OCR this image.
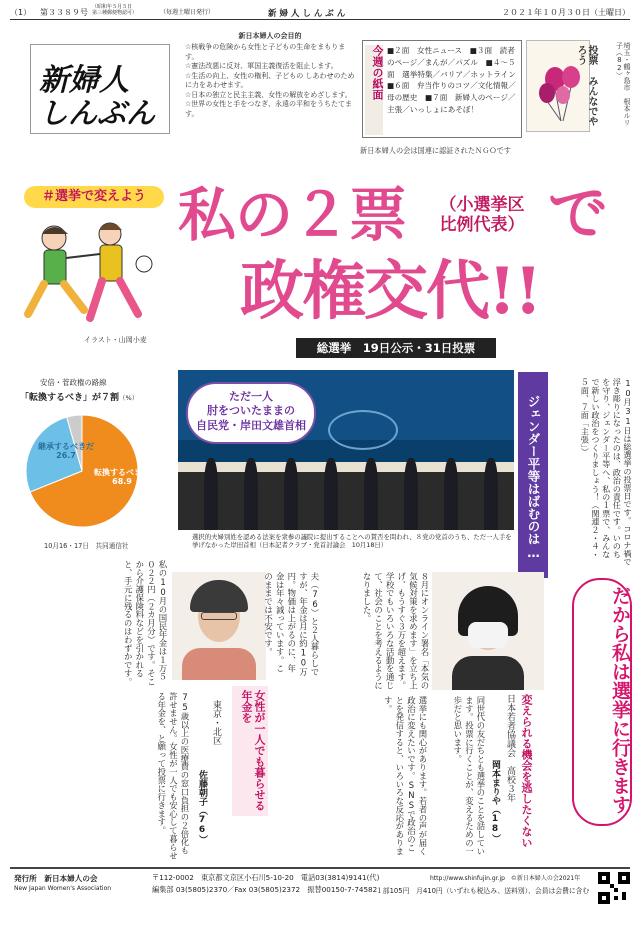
（1） 第３３８９号
（昭和年５月５日
第三種郵便物認可）	（毎週土曜日発行）	新 婦 人 し ん ぶ ん	２０２１年１０月３０日（土曜日）
新婦人
しんぶん
新日本婦人の会目的
☆核戦争の危険から女性と子どもの生命をまもります。
☆憲法改悪に反対、軍国主義復活を阻止します。
☆生活の向上、女性の権利、子どもの しあわせのために力をあわせます。
☆日本の独立と民主主義、女性の解放をめざします。
☆世界の女性と手をつなぎ、永遠の平和をうちたてます。
今週の紙面 ■２面　女性ニュース　■３面　読者のページ／まんが／パズル　■４〜５面　選挙特集／バリア／ホットライン　■６面　弁当作りのコツ／文化情報／母の歴史　■７面　新婦人のページ／主張／いっしょにあそぼ！	投票 みんなでやろう	埼玉・鶴ヶ島市　根本ルリ子（82）
新日本婦人の会は国連に認証されたＮＧＯです
＃選挙で変えよう
イラスト・山岡小麦
私の２票	（小選挙区
比例代表） で
政権交代!!
総選挙　19日公示・31日投票
安倍・菅政権の路線
「転換するべき」が７割（%）
転換するべきだ
68.9
継承するべきだ
26.7
10月16・17日　共同通信社
ただ一人
肘をついたままの
自民党・岸田文雄首相
選択的夫婦別姓を認める法案を衆参の議院に提出することへの賛否を問われ、８党の党首のうち、ただ一人手を挙げなかった岸田首相（日本記者クラブ・党首討論会　10月18日）	ジェンダー平等はばむのは…	10月31日は総選挙の投票日です。コロナ禍で浮き彫りになったのは、政治の責任です。いのちを守り、ジェンダー平等へ、私の１票で、みんなで新しい政治をつくりましょう！（関連２・４・５面、７面「主張」）
変えられる機会を逃したくない
日本若者協議会　高校３年
岡本まりや（18）
８月にオンライン署名「本気の気候対策を求めます」を立ち上げ、もうすぐ３万を超えます。学校でもいろいろな活動を通じて、社会のことを考えるようになりました。
選挙にも関心があります。若者の声が届く政治に変えたいです。SNSで政治のことを発信すると、いろいろな反応があります。	同世代の友だちとも選挙のことを話しています。投票に行くことが、変えるための一歩だと思います。	だから私は選挙に行きます
女性が一人でも暮らせる年金を
東京・北区
佐藤朝子（76）
夫（76）と２人暮らしですが、年金は月に約10万円。物価は上がるのに、年金は年々減っています。このままでは不安です。
私の10月の国民年金は１万５０２２円（２カ月分）です。そこから介護保険料などを引かれると、手元に残るのはわずかです。
75歳以上の医療費の窓口負担の２倍化も許せません。女性が一人でも安心して暮らせる年金を、と願って投票に行きます。
発行所　新日本婦人の会
New Japan Women's Association
〒112-0002　東京都文京区小石川5-10-20　電話03(3814)9141(代)
編集部 03(5805)2370／Fax 03(5805)2372　振替00150-7-74582
http://www.shinfujin.gr.jp　©新日本婦人の会2021年
１部105円　月410円（いずれも税込み、送料別）、会員は会費に含む
